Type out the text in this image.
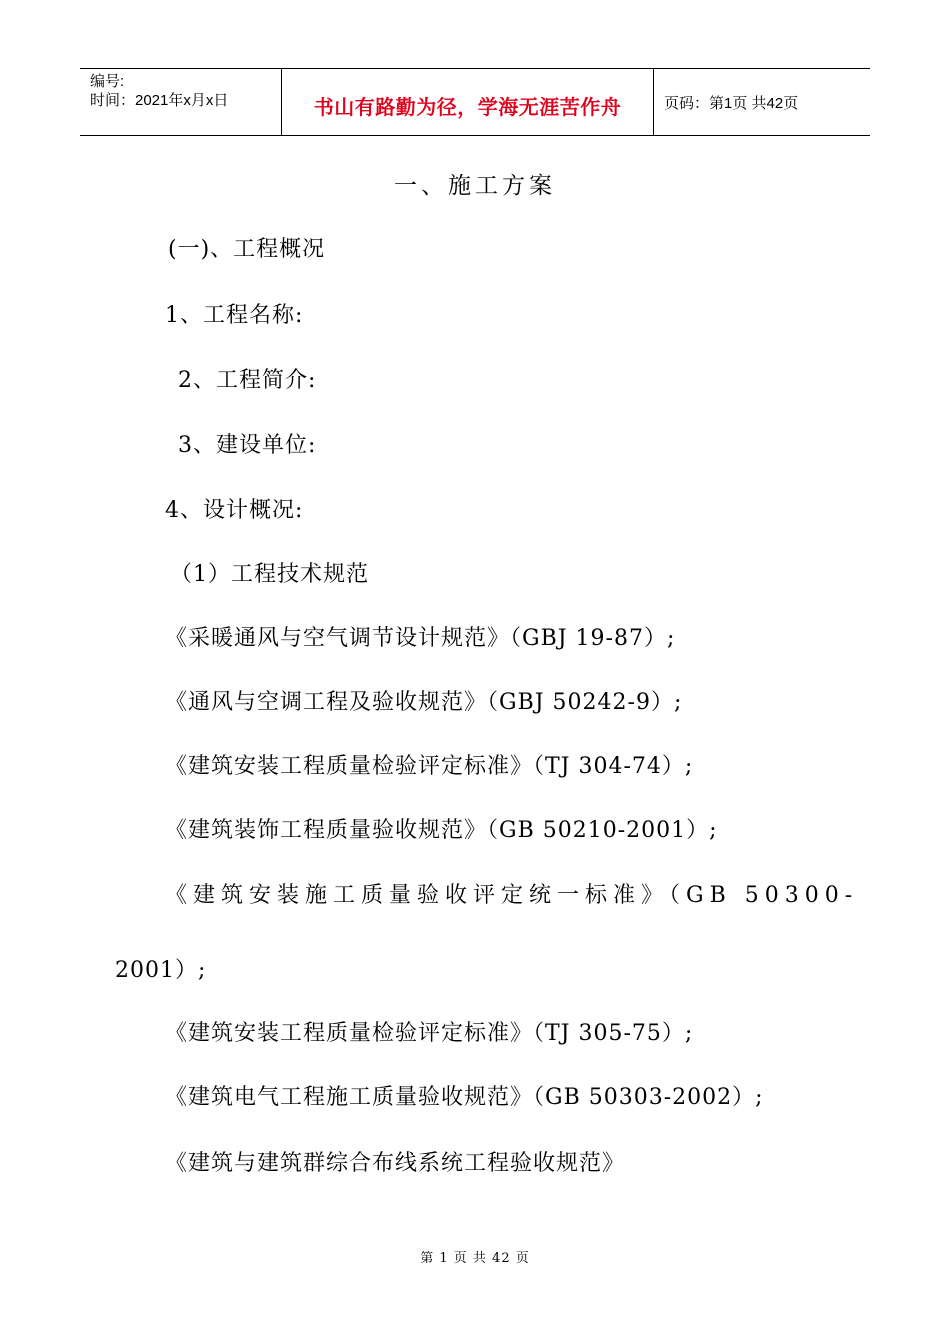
编号:
时间：2021年x月x日	书山有路勤为径，学海无涯苦作舟	页码：第1页 共42页
一、施工方案
(一)、工程概况
1、工程名称:
2、工程简介:
3、建设单位:
4、设计概况:
（1）工程技术规范
《采暖通风与空气调节设计规范》（GBJ 19-87）;
《通风与空调工程及验收规范》（GBJ 50242-9）;
《建筑安装工程质量检验评定标准》（TJ 304-74）;
《建筑装饰工程质量验收规范》（GB 50210-2001）;
《建筑安装施工质量验收评定统一标准》（GB 50300-
2001）;
《建筑安装工程质量检验评定标准》（TJ 305-75）;
《建筑电气工程施工质量验收规范》（GB 50303-2002）;
《建筑与建筑群综合布线系统工程验收规范》
第 1 页 共 42 页
